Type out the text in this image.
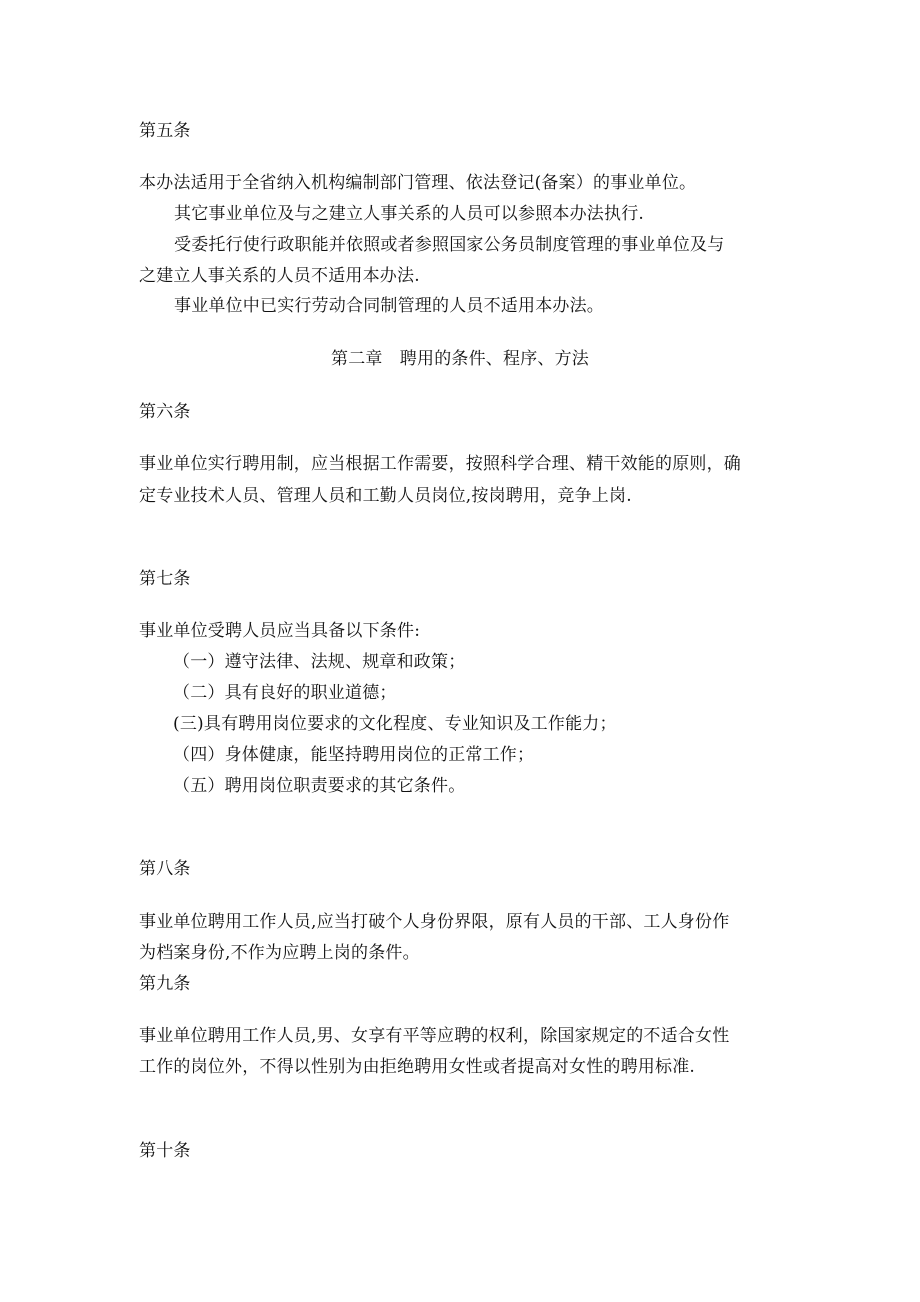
第五条
本办法适用于全省纳入机构编制部门管理、依法登记(备案）的事业单位。
其它事业单位及与之建立人事关系的人员可以参照本办法执行.
受委托行使行政职能并依照或者参照国家公务员制度管理的事业单位及与
之建立人事关系的人员不适用本办法.
事业单位中已实行劳动合同制管理的人员不适用本办法。
第二章　聘用的条件、程序、方法
第六条
事业单位实行聘用制，应当根据工作需要，按照科学合理、精干效能的原则，确
定专业技术人员、管理人员和工勤人员岗位,按岗聘用，竞争上岗.
第七条
事业单位受聘人员应当具备以下条件:
（一）遵守法律、法规、规章和政策；
（二）具有良好的职业道德；
(三)具有聘用岗位要求的文化程度、专业知识及工作能力；
（四）身体健康，能坚持聘用岗位的正常工作；
（五）聘用岗位职责要求的其它条件。
第八条
事业单位聘用工作人员,应当打破个人身份界限，原有人员的干部、工人身份作
为档案身份,不作为应聘上岗的条件。
第九条
事业单位聘用工作人员,男、女享有平等应聘的权利，除国家规定的不适合女性
工作的岗位外，不得以性别为由拒绝聘用女性或者提高对女性的聘用标准.
第十条
